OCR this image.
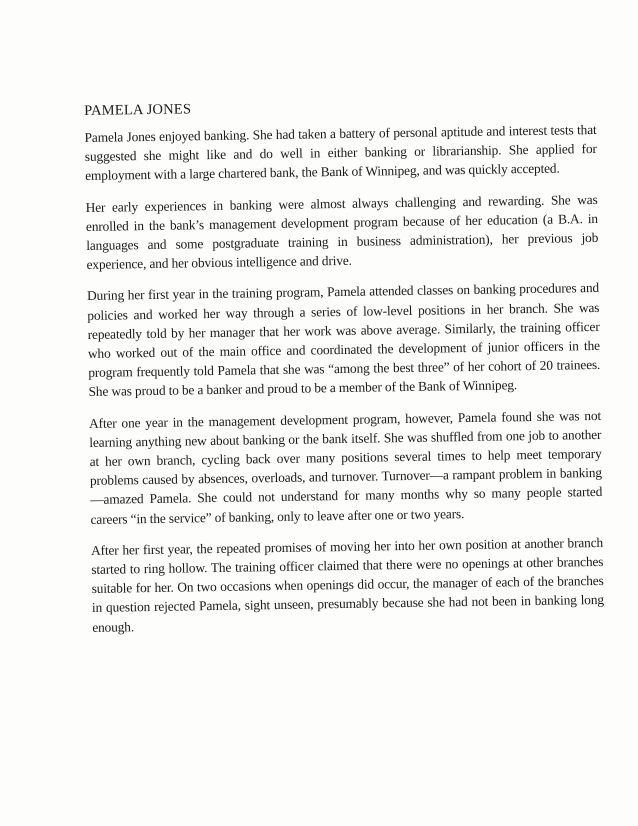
PAMELA JONES

Pamela Jones enjoyed banking. She had taken a battery of personal aptitude and interest tests that suggested she might like and do well in either banking or librarianship. She applied for employment with a large chartered bank, the Bank of Winnipeg, and was quickly accepted.

Her early experiences in banking were almost always challenging and rewarding. She was enrolled in the bank’s management development program because of her education (a B.A. in languages and some postgraduate training in business administration), her previous job experience, and her obvious intelligence and drive.

During her first year in the training program, Pamela attended classes on banking procedures and policies and worked her way through a series of low-level positions in her branch. She was repeatedly told by her manager that her work was above average. Similarly, the training officer who worked out of the main office and coordinated the development of junior officers in the program frequently told Pamela that she was “among the best three” of her cohort of 20 trainees. She was proud to be a banker and proud to be a member of the Bank of Winnipeg.

After one year in the management development program, however, Pamela found she was not learning anything new about banking or the bank itself. She was shuffled from one job to another at her own branch, cycling back over many positions several times to help meet temporary problems caused by absences, overloads, and turnover. Turnover—a rampant problem in banking—amazed Pamela. She could not understand for many months why so many people started careers “in the service” of banking, only to leave after one or two years.

After her first year, the repeated promises of moving her into her own position at another branch started to ring hollow. The training officer claimed that there were no openings at other branches suitable for her. On two occasions when openings did occur, the manager of each of the branches in question rejected Pamela, sight unseen, presumably because she had not been in banking long enough.
